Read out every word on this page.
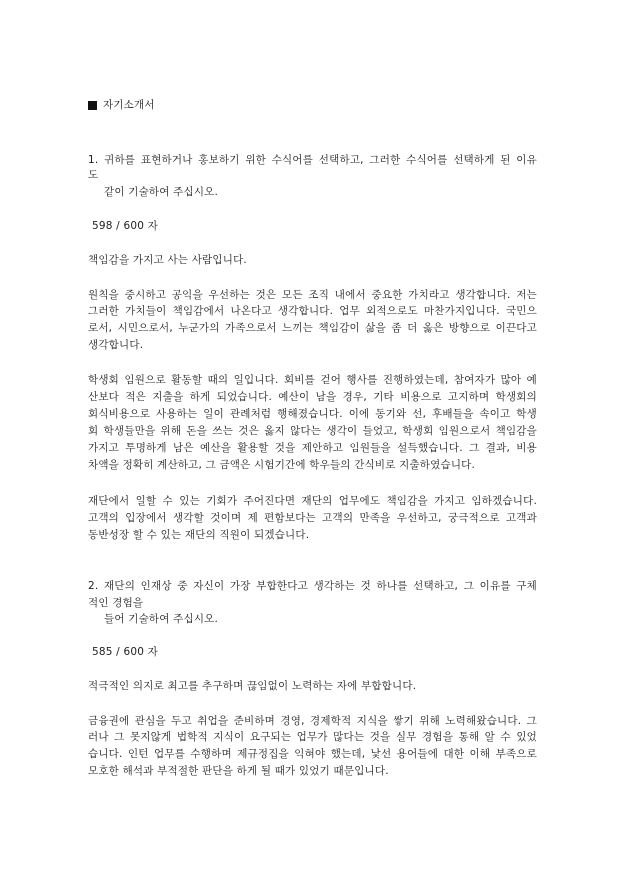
자기소개서
1. 귀하를 표현하거나 홍보하기 위한 수식어를 선택하고, 그러한 수식어를 선택하게 된 이유
도
같이 기술하여 주십시오.
598 / 600 자
책임감을 가지고 사는 사람입니다.
원칙을 중시하고 공익을 우선하는 것은 모든 조직 내에서 중요한 가치라고 생각합니다. 저는
그러한 가치들이 책임감에서 나온다고 생각합니다. 업무 외적으로도 마찬가지입니다. 국민으
로서, 시민으로서, 누군가의 가족으로서 느끼는 책임감이 삶을 좀 더 옳은 방향으로 이끈다고
생각합니다.
학생회 임원으로 활동할 때의 일입니다. 회비를 걷어 행사를 진행하였는데, 참여자가 많아 예
산보다 적은 지출을 하게 되었습니다. 예산이 남을 경우, 기타 비용으로 고지하며 학생회의
회식비용으로 사용하는 일이 관례처럼 행해졌습니다. 이에 동기와 선, 후배들을 속이고 학생
회 학생들만을 위해 돈을 쓰는 것은 옳지 않다는 생각이 들었고, 학생회 임원으로서 책임감을
가지고 투명하게 남은 예산을 활용할 것을 제안하고 임원들을 설득했습니다. 그 결과, 비용
차액을 정확히 계산하고, 그 금액은 시험기간에 학우들의 간식비로 지출하였습니다.
재단에서 일할 수 있는 기회가 주어진다면 재단의 업무에도 책임감을 가지고 임하겠습니다.
고객의 입장에서 생각할 것이며 제 편함보다는 고객의 만족을 우선하고, 궁극적으로 고객과
동반성장 할 수 있는 재단의 직원이 되겠습니다.
2. 재단의 인재상 중 자신이 가장 부합한다고 생각하는 것 하나를 선택하고, 그 이유를 구체
적인 경험을
들어 기술하여 주십시오.
585 / 600 자
적극적인 의지로 최고를 추구하며 끊임없이 노력하는 자에 부합합니다.
금융권에 관심을 두고 취업을 준비하며 경영, 경제학적 지식을 쌓기 위해 노력해왔습니다. 그
러나 그 못지않게 법학적 지식이 요구되는 업무가 많다는 것을 실무 경험을 통해 알 수 있었
습니다. 인턴 업무를 수행하며 제규정집을 익혀야 했는데, 낯선 용어들에 대한 이해 부족으로
모호한 해석과 부적절한 판단을 하게 될 때가 있었기 때문입니다.
